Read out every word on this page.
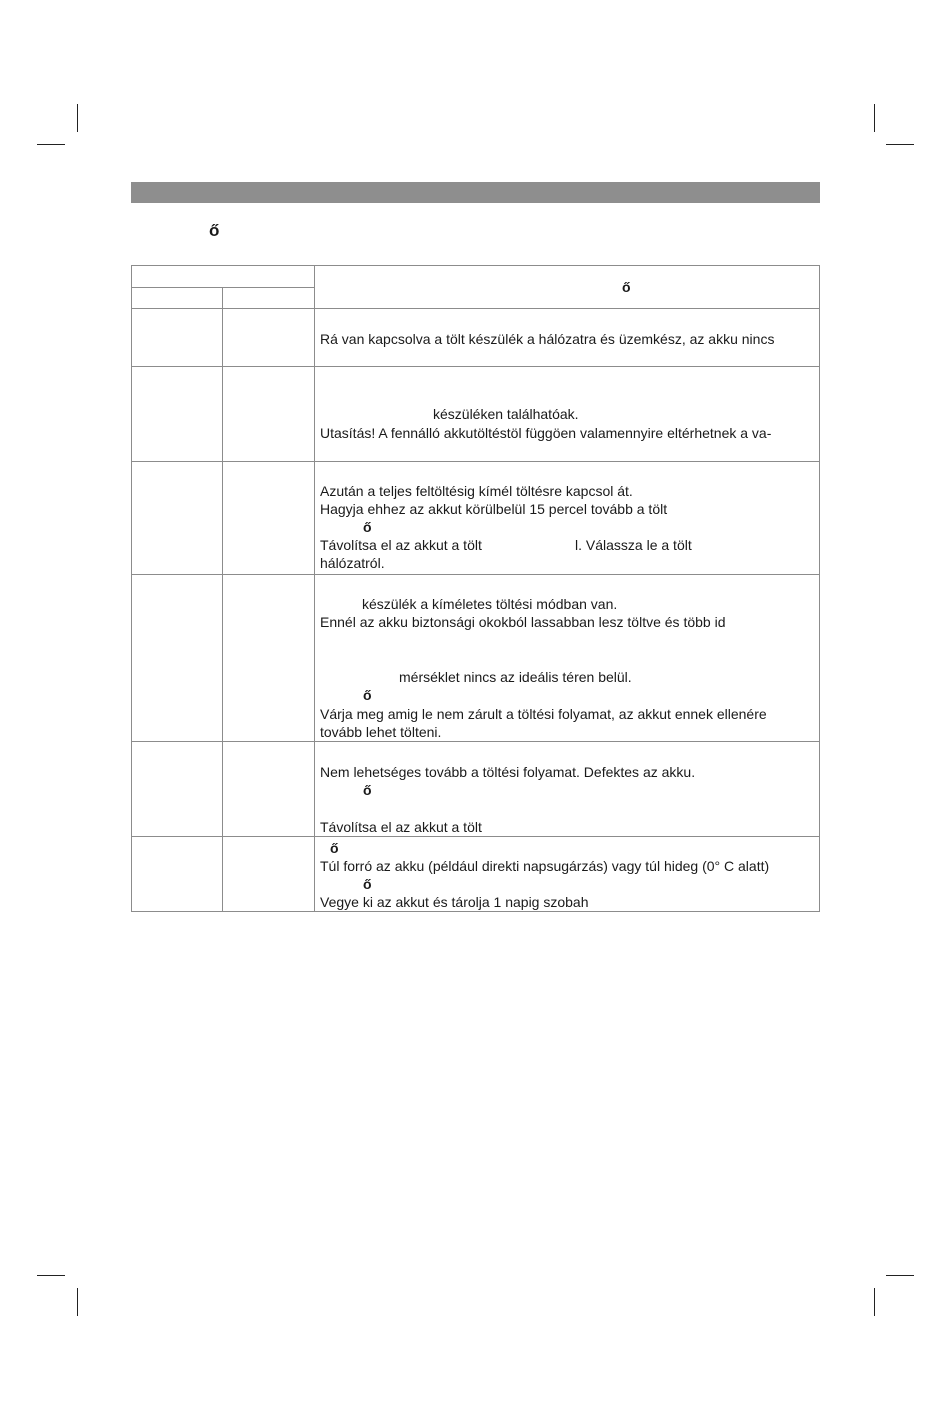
ő
ő
Rá van kapcsolva a tölt készülék a hálózatra és üzemkész, az akku nincs
készüléken találhatóak.
Utasítás! A fennálló akkutöltéstöl függöen valamennyire eltérhetnek a va-
Azután a teljes feltöltésig kímél töltésre kapcsol át.
Hagyja ehhez az akkut körülbelül 15 percel tovább a tölt
ő
Távolítsa el az akkut a tölt	l. Válassza le a tölt
hálózatról.
készülék a kíméletes töltési módban van.
Ennél az akku biztonsági okokból lassabban lesz töltve és több id
mérséklet nincs az ideális téren belül.
ő
Várja meg amig le nem zárult a töltési folyamat, az akkut ennek ellenére
tovább lehet tölteni.
Nem lehetséges tovább a töltési folyamat. Defektes az akku.
ő
Távolítsa el az akkut a tölt
ő
Túl forró az akku (például direkti napsugárzás) vagy túl hideg (0° C alatt)
ő
Vegye ki az akkut és tárolja 1 napig szobah
